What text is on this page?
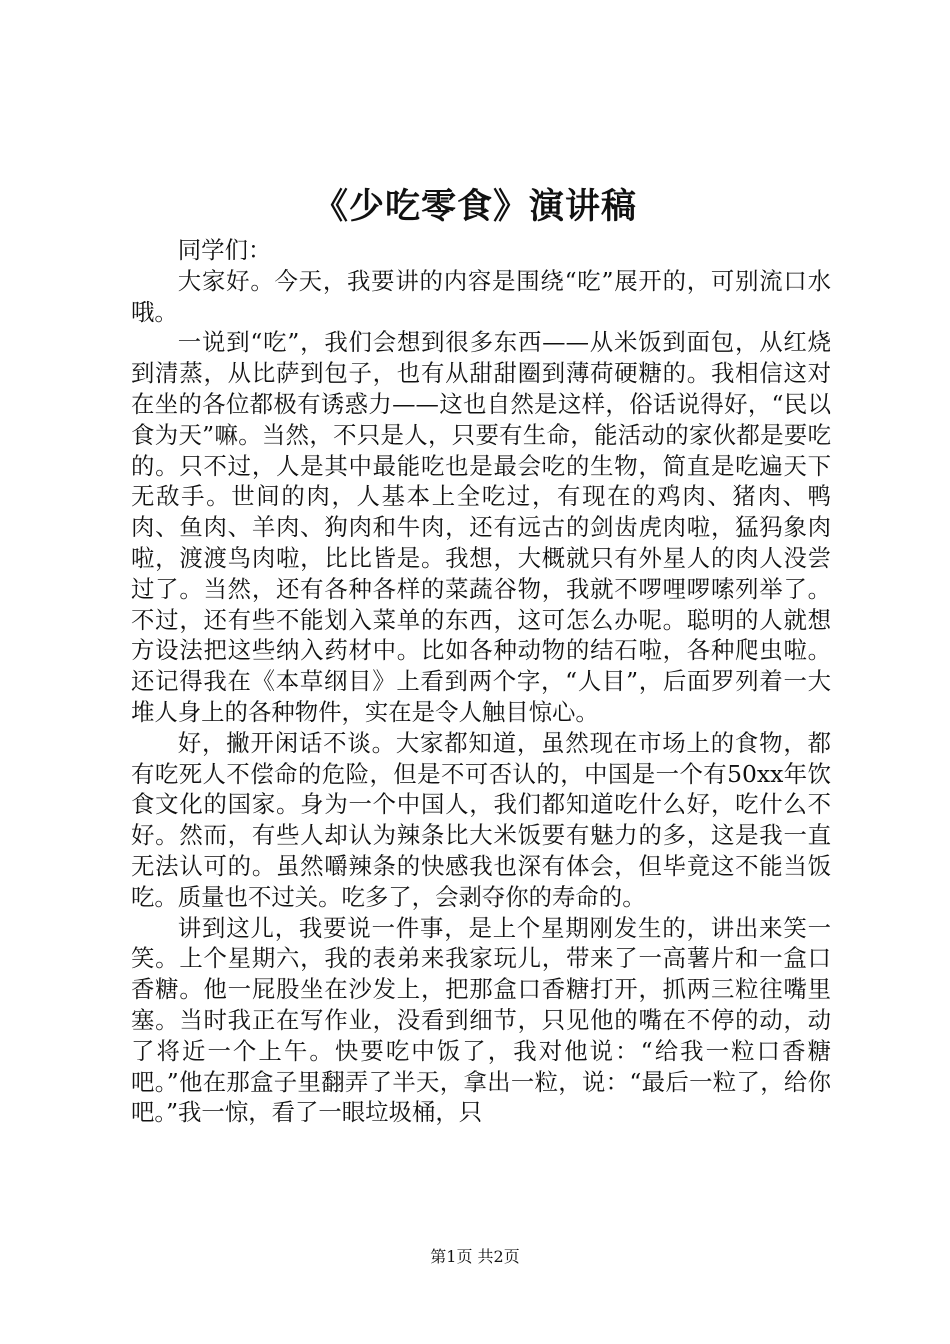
《少吃零食》演讲稿

同学们：

大家好。今天，我要讲的内容是围绕“吃”展开的，可别流口水哦。

一说到“吃”，我们会想到很多东西——从米饭到面包，从红烧到清蒸，从比萨到包子，也有从甜甜圈到薄荷硬糖的。我相信这对在坐的各位都极有诱惑力——这也自然是这样，俗话说得好，“民以食为天”嘛。当然，不只是人，只要有生命，能活动的家伙都是要吃的。只不过，人是其中最能吃也是最会吃的生物，简直是吃遍天下无敌手。世间的肉，人基本上全吃过，有现在的鸡肉、猪肉、鸭肉、鱼肉、羊肉、狗肉和牛肉，还有远古的剑齿虎肉啦，猛犸象肉啦，渡渡鸟肉啦，比比皆是。我想，大概就只有外星人的肉人没尝过了。当然，还有各种各样的菜蔬谷物，我就不啰哩啰嗦列举了。不过，还有些不能划入菜单的东西，这可怎么办呢。聪明的人就想方设法把这些纳入药材中。比如各种动物的结石啦，各种爬虫啦。还记得我在《本草纲目》上看到两个字，“人目”，后面罗列着一大堆人身上的各种物件，实在是令人触目惊心。

好，撇开闲话不谈。大家都知道，虽然现在市场上的食物，都有吃死人不偿命的危险，但是不可否认的，中国是一个有50xx年饮食文化的国家。身为一个中国人，我们都知道吃什么好，吃什么不好。然而，有些人却认为辣条比大米饭要有魅力的多，这是我一直无法认可的。虽然嚼辣条的快感我也深有体会，但毕竟这不能当饭吃。质量也不过关。吃多了，会剥夺你的寿命的。

讲到这儿，我要说一件事，是上个星期刚发生的，讲出来笑一笑。上个星期六，我的表弟来我家玩儿，带来了一高薯片和一盒口香糖。他一屁股坐在沙发上，把那盒口香糖打开，抓两三粒往嘴里塞。当时我正在写作业，没看到细节，只见他的嘴在不停的动，动了将近一个上午。快要吃中饭了，我对他说：“给我一粒口香糖吧。”他在那盒子里翻弄了半天，拿出一粒，说：“最后一粒了，给你吧。”我一惊，看了一眼垃圾桶，只

第1页 共2页
